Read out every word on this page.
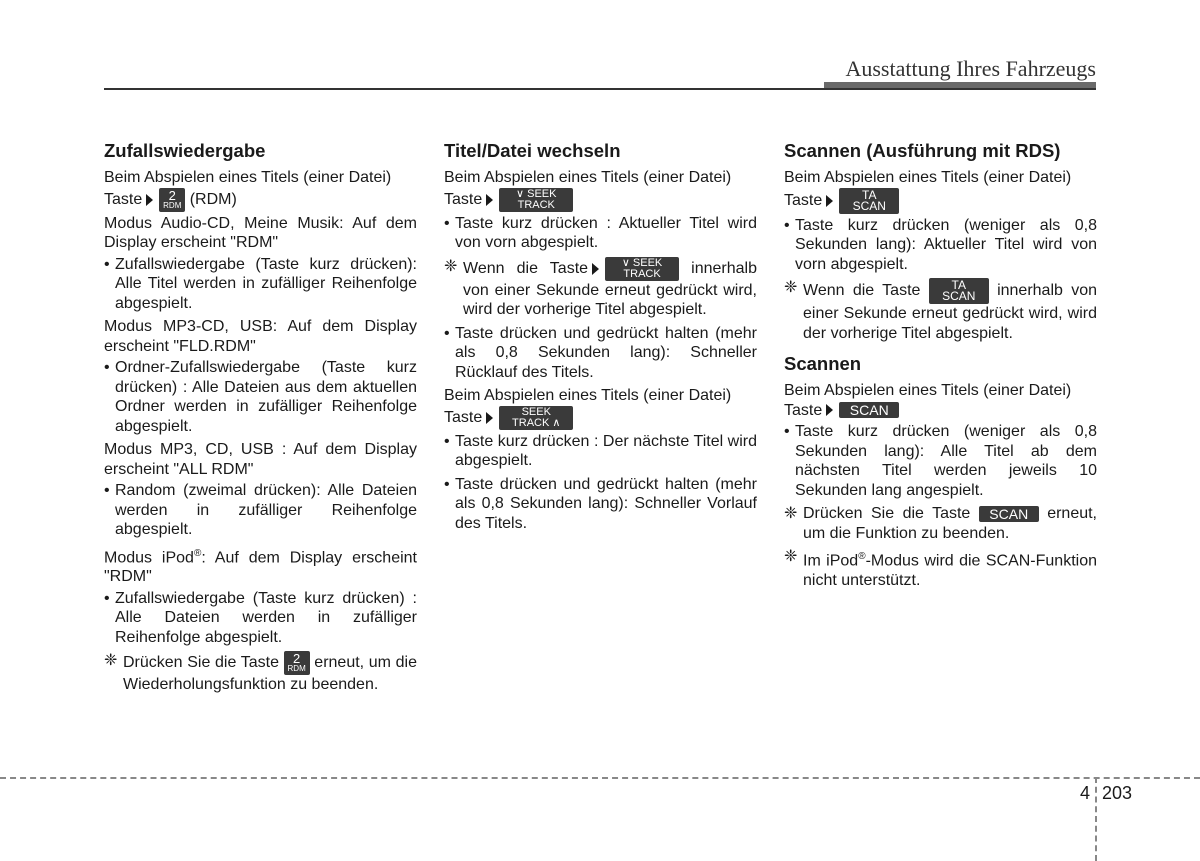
Ausstattung Ihres Fahrzeugs
Zufallswiedergabe

Beim Abspielen eines Titels (einer Datei)
Taste 2
RDM (RDM)

Modus Audio-CD, Meine Musik: Auf dem Display erscheint "RDM"

• Zufallswiedergabe (Taste kurz drücken): Alle Titel werden in zufälliger Reihenfolge abgespielt.

Modus MP3-CD, USB: Auf dem Display erscheint "FLD.RDM"

• Ordner-Zufallswiedergabe (Taste kurz drücken) : Alle Dateien aus dem aktuellen Ordner werden in zufälliger Reihenfolge abgespielt.

Modus MP3, CD, USB : Auf dem Display erscheint "ALL RDM"

• Random (zweimal drücken): Alle Dateien werden in zufälliger Reihenfolge abgespielt.

Modus iPod®: Auf dem Display erscheint "RDM"

• Zufallswiedergabe (Taste kurz drücken) : Alle Dateien werden in zufälliger Reihenfolge abgespielt.
❈ Drücken Sie die Taste 2
RDM erneut, um die Wiederholungsfunktion zu beenden.
Titel/Datei wechseln

Beim Abspielen eines Titels (einer Datei)
Taste	∨ SEEK
TRACK

• Taste kurz drücken : Aktueller Titel wird von vorn abgespielt.
❈ Wenn die Taste	∨ SEEK
TRACK innerhalb von einer Sekunde erneut gedrückt wird, wird der vorherige Titel abgespielt.
• Taste drücken und gedrückt halten (mehr als 0,8 Sekunden lang): Schneller Rücklauf des Titels.

Beim Abspielen eines Titels (einer Datei)
Taste	SEEK
TRACK ∧

• Taste kurz drücken : Der nächste Titel wird abgespielt.
• Taste drücken und gedrückt halten (mehr als 0,8 Sekunden lang): Schneller Vorlauf des Titels.
Scannen (Ausführung mit RDS)

Beim Abspielen eines Titels (einer Datei)
Taste	TA
SCAN

• Taste kurz drücken (weniger als 0,8 Sekunden lang): Aktueller Titel wird von vorn abgespielt.
❈ Wenn die Taste	TA
SCAN innerhalb von einer Sekunde erneut gedrückt wird, wird der vorherige Titel abgespielt.
Scannen

Beim Abspielen eines Titels (einer Datei)
Taste SCAN

• Taste kurz drücken (weniger als 0,8 Sekunden lang): Alle Titel ab dem nächsten Titel werden jeweils 10 Sekunden lang angespielt.
❈ Drücken Sie die Taste SCAN erneut, um die Funktion zu beenden.
❈ Im iPod®-Modus wird die SCAN-Funktion nicht unterstützt.
4 203
